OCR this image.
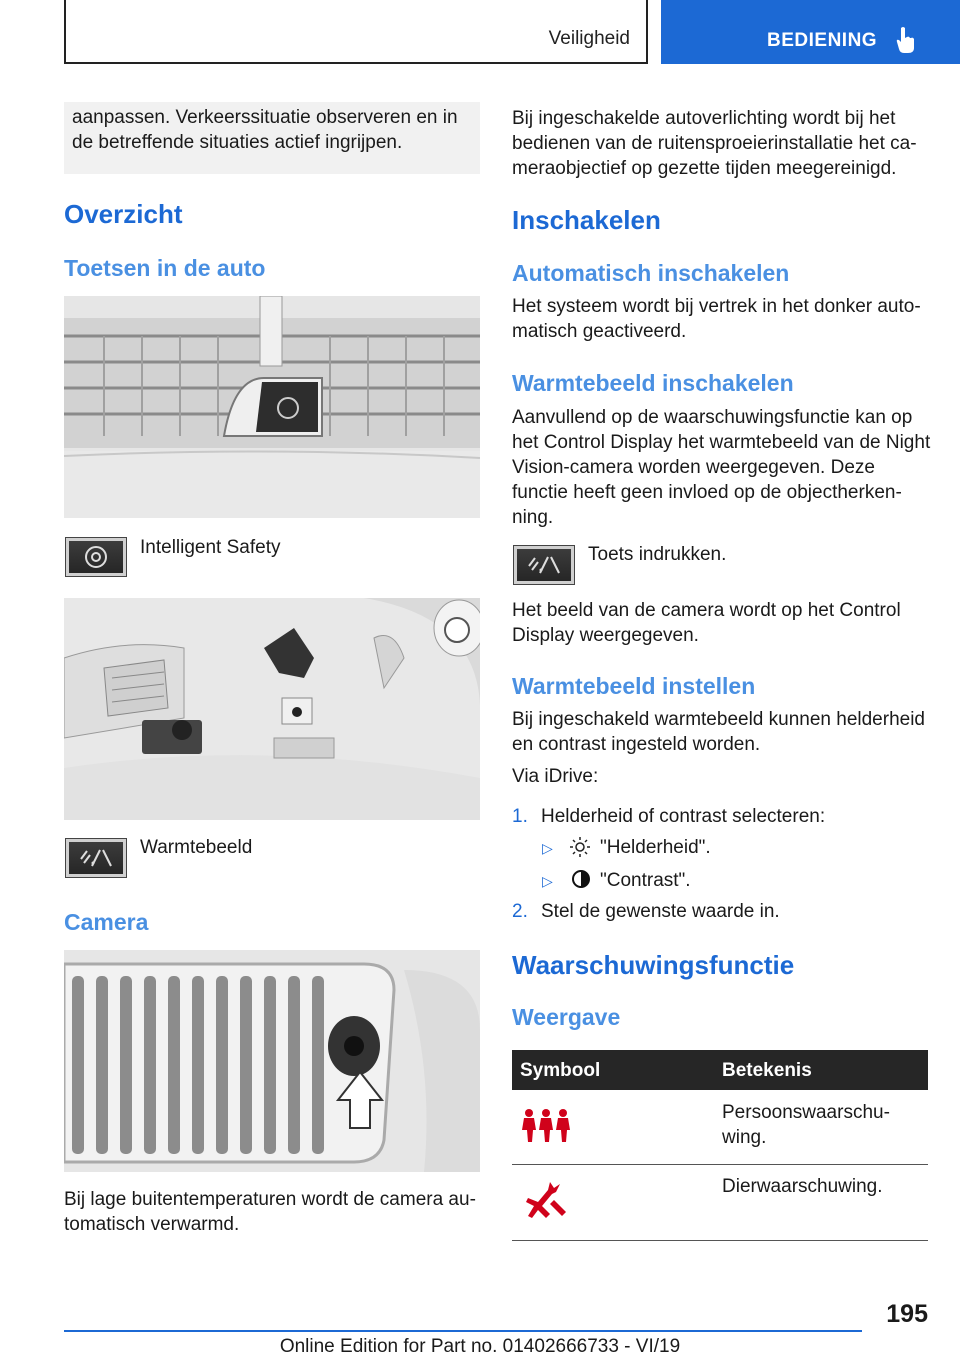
Veiligheid	BEDIENING
aanpassen. Verkeerssituatie observeren en in de betreffende situaties actief ingrijpen.
Overzicht
Toetsen in de auto
Intelligent Safety
Warmtebeeld
Camera
Bij lage buitentemperaturen wordt de camera au-tomatisch verwarmd.
Bij ingeschakelde autoverlichting wordt bij het bedienen van de ruitensproeierinstallatie het ca-meraobjectief op gezette tijden meegereinigd.
Inschakelen
Automatisch inschakelen
Het systeem wordt bij vertrek in het donker auto-matisch geactiveerd.
Warmtebeeld inschakelen
Aanvullend op de waarschuwingsfunctie kan op het Control Display het warmtebeeld van de Night Vision-camera worden weergegeven. Deze functie heeft geen invloed op de objectherken-ning.
Toets indrukken.
Het beeld van de camera wordt op het Control Display weergegeven.
Warmtebeeld instellen
Bij ingeschakeld warmtebeeld kunnen helderheid en contrast ingesteld worden.
Via iDrive:
1. Helderheid of contrast selecteren:
▷ "Helderheid".
▷ "Contrast".
2. Stel de gewenste waarde in.
Waarschuwingsfunctie
Weergave
Symbool	Betekenis
Persoonswaarschu-wing.
Dierwaarschuwing.
195
Online Edition for Part no. 01402666733 - VI/19
